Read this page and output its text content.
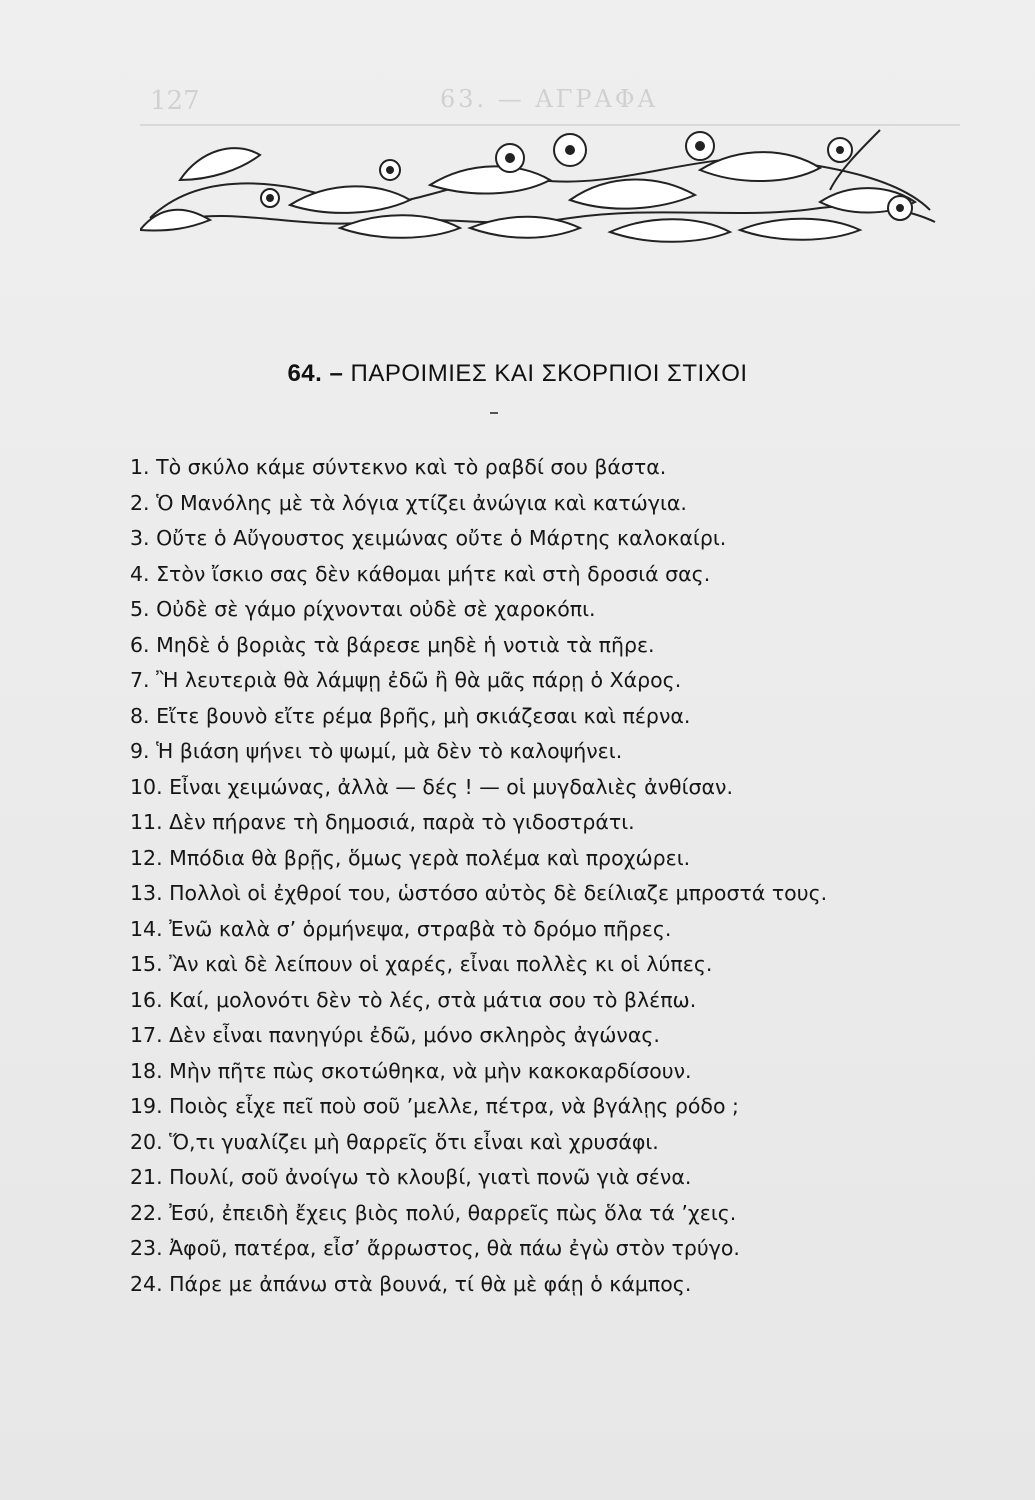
127	63. — ΑΓΡΑΦΑ
64. – ΠΑΡΟΙΜΙΕΣ ΚΑΙ ΣΚΟΡΠΙΟΙ ΣΤΙΧΟΙ
1. Τὸ σκύλο κάμε σύντεκνο καὶ τὸ ραβδί σου βάστα.
2. Ὁ Μανόλης μὲ τὰ λόγια χτίζει ἀνώγια καὶ κατώγια.
3. Οὔτε ὁ Αὔγουστος χειμώνας οὔτε ὁ Μάρτης καλοκαίρι.
4. Στὸν ἴσκιο σας δὲν κάθομαι μήτε καὶ στὴ δροσιά σας.
5. Οὐδὲ σὲ γάμο ρίχνονται οὐδὲ σὲ χαροκόπι.
6. Μηδὲ ὁ βοριὰς τὰ βάρεσε μηδὲ ἡ νοτιὰ τὰ πῆρε.
7. Ἢ λευτεριὰ θὰ λάμψῃ ἐδῶ ἢ θὰ μᾶς πάρῃ ὁ Χάρος.
8. Εἴτε βουνὸ εἴτε ρέμα βρῆς, μὴ σκιάζεσαι καὶ πέρνα.
9. Ἡ βιάση ψήνει τὸ ψωμί, μὰ δὲν τὸ καλοψήνει.
10. Εἶναι χειμώνας, ἀλλὰ — δές ! — οἱ μυγδαλιὲς ἀνθίσαν.
11. Δὲν πήρανε τὴ δημοσιά, παρὰ τὸ γιδοστράτι.
12. Μπόδια θὰ βρῇς, ὅμως γερὰ πολέμα καὶ προχώρει.
13. Πολλοὶ οἱ ἐχθροί του, ὡστόσο αὐτὸς δὲ δείλιαζε μπροστά τους.
14. Ἐνῶ καλὰ σ’ ὁρμήνεψα, στραβὰ τὸ δρόμο πῆρες.
15. Ἂν καὶ δὲ λείπουν οἱ χαρές, εἶναι πολλὲς κι οἱ λύπες.
16. Καί, μολονότι δὲν τὸ λές, στὰ μάτια σου τὸ βλέπω.
17. Δὲν εἶναι πανηγύρι ἐδῶ, μόνο σκληρὸς ἀγώνας.
18. Μὴν πῆτε πὼς σκοτώθηκα, νὰ μὴν κακοκαρδίσουν.
19. Ποιὸς εἶχε πεῖ ποὺ σοῦ ’μελλε, πέτρα, νὰ βγάλῃς ρόδο ;
20. Ὅ,τι γυαλίζει μὴ θαρρεῖς ὅτι εἶναι καὶ χρυσάφι.
21. Πουλί, σοῦ ἀνοίγω τὸ κλουβί, γιατὶ πονῶ γιὰ σένα.
22. Ἐσύ, ἐπειδὴ ἔχεις βιὸς πολύ, θαρρεῖς πὼς ὅλα τά ’χεις.
23. Ἀφοῦ, πατέρα, εἶσ’ ἄρρωστος, θὰ πάω ἐγὼ στὸν τρύγο.
24. Πάρε με ἀπάνω στὰ βουνά, τί θὰ μὲ φάῃ ὁ κάμπος.
